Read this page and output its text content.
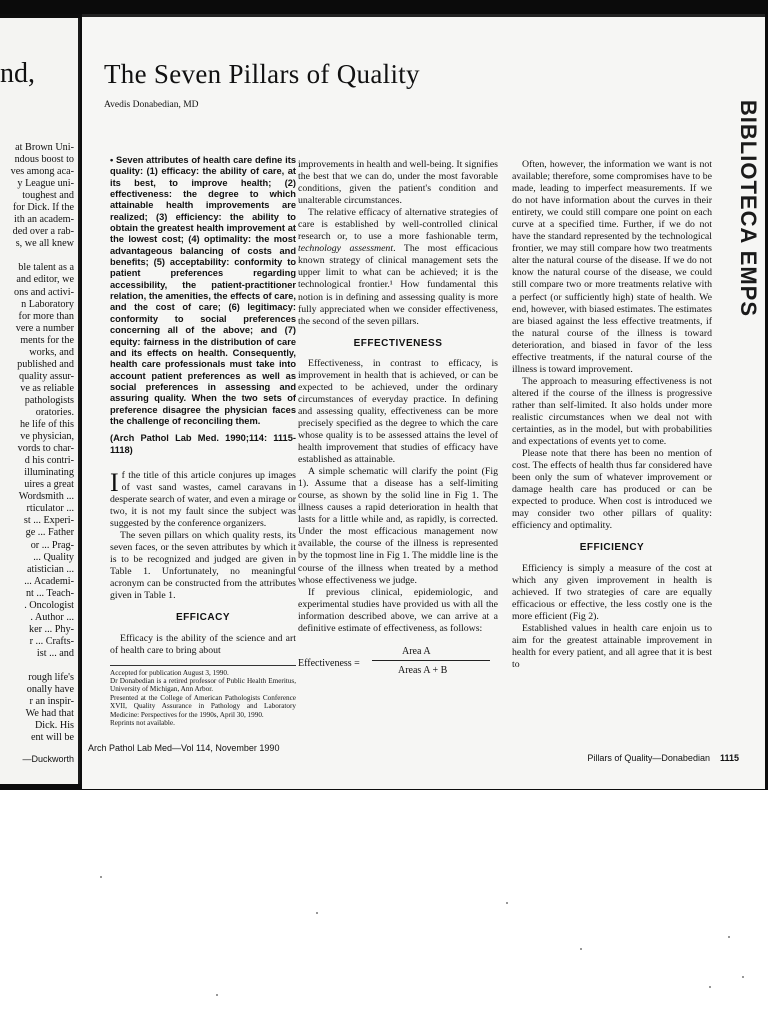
nd,
at Brown Uni-
ndous boost to
ves among aca-
y League uni-
toughest and
for Dick. If the
ith an academ-
ded over a rab-
s, we all knew
ble talent as a
and editor, we
ons and activi-
n Laboratory
for more than
vere a number
ments for the
works, and
published and
quality assur-
ve as reliable
pathologists
oratories.
he life of this
ve physician,
vords to char-
d his contri-
illuminating
uires a great
Wordsmith ...
rticulator ...
st ... Experi-
ge ... Father
or ... Prag-
... Quality
atistician ...
... Academi-
nt ... Teach-
. Oncologist
. Author ...
ker ... Phy-
r ... Crafts-
ist ... and
rough life's
onally have
r an inspir-
We had that
Dick. His
ent will be
—Duckworth
The Seven Pillars of Quality
Avedis Donabedian, MD

• Seven attributes of health care define its quality: (1) efficacy: the ability of care, at its best, to improve health; (2) effectiveness: the degree to which attainable health improvements are realized; (3) efficiency: the ability to obtain the greatest health improvement at the lowest cost; (4) optimality: the most advantageous balancing of costs and benefits; (5) acceptability: conformity to patient preferences regarding accessibility, the patient-practitioner relation, the amenities, the effects of care, and the cost of care; (6) legitimacy: conformity to social preferences concerning all of the above; and (7) equity: fairness in the distribution of care and its effects on health. Consequently, health care professionals must take into account patient preferences as well as social preferences in assessing and assuring quality. When the two sets of preference disagree the physician faces the challenge of reconciling them.

(Arch Pathol Lab Med. 1990;114: 1115-1118)

If the title of this article conjures up images of vast sand wastes, camel caravans in desperate search of water, and even a mirage or two, it is not my fault since the subject was suggested by the conference organizers.

The seven pillars on which quality rests, its seven faces, or the seven attributes by which it is to be recognized and judged are given in Table 1. Unfortunately, no meaningful acronym can be constructed from the attributes given in Table 1.

EFFICACY

Efficacy is the ability of the science and art of health care to bring about

Accepted for publication August 3, 1990.

Dr Donabedian is a retired professor of Public Health Emeritus, University of Michigan, Ann Arbor.

Presented at the College of American Pathologists Conference XVII, Quality Assurance in Pathology and Laboratory Medicine: Perspectives for the 1990s, April 30, 1990.

Reprints not available.

improvements in health and well-being. It signifies the best that we can do, under the most favorable conditions, given the patient's condition and unalterable circumstances.

The relative efficacy of alternative strategies of care is established by well-controlled clinical research or, to use a more fashionable term, technology assessment. The most efficacious known strategy of clinical management sets the upper limit to what can be achieved; it is the technological frontier.¹ How fundamental this notion is in defining and assessing quality is more fully appreciated when we consider effectiveness, the second of the seven pillars.

EFFECTIVENESS

Effectiveness, in contrast to efficacy, is improvement in health that is achieved, or can be expected to be achieved, under the ordinary circumstances of everyday practice. In defining and assessing quality, effectiveness can be more precisely specified as the degree to which the care whose quality is to be assessed attains the level of health improvement that studies of efficacy have established as attainable.

A simple schematic will clarify the point (Fig 1). Assume that a disease has a self-limiting course, as shown by the solid line in Fig 1. The illness causes a rapid deterioration in health that lasts for a little while and, as rapidly, is corrected. Under the most efficacious management now available, the course of the illness is represented by the topmost line in Fig 1. The middle line is the course of the illness when treated by a method whose effectiveness we judge.

If previous clinical, epidemiologic, and experimental studies have provided us with all the information described above, we can arrive at a definitive estimate of effectiveness, as follows:

Effectiveness =
Area A
Areas A + B

Often, however, the information we want is not available; therefore, some compromises have to be made, leading to imperfect measurements. If we do not have information about the curves in their entirety, we could still compare one point on each curve at a specified time. Further, if we do not have the standard represented by the technological frontier, we may still compare how two treatments alter the natural course of the disease. If we do not know the natural course of the disease, we could still compare two or more treatments relative with a perfect (or sufficiently high) state of health. We end, however, with biased estimates. The estimates are biased against the less effective treatments, if the natural course of the illness is toward deterioration, and biased in favor of the less effective treatments, if the natural course of the illness is toward improvement.

The approach to measuring effectiveness is not altered if the course of the illness is progressive rather than self-limited. It also holds under more realistic circumstances when we deal not with certainties, as in the model, but with probabilities and expectations of events yet to come.

Please note that there has been no mention of cost. The effects of health thus far considered have been only the sum of whatever improvement or damage health care has produced or can be expected to produce. When cost is introduced we may consider two other pillars of quality: efficiency and optimality.

EFFICIENCY

Efficiency is simply a measure of the cost at which any given improvement in health is achieved. If two strategies of care are equally efficacious or effective, the less costly one is the more efficient (Fig 2).

Established values in health care enjoin us to aim for the greatest attainable improvement in health for every patient, and all agree that it is best to

Arch Pathol Lab Med—Vol 114, November 1990
Pillars of Quality—Donabedian 1115
BIBLIOTECA EMPS
